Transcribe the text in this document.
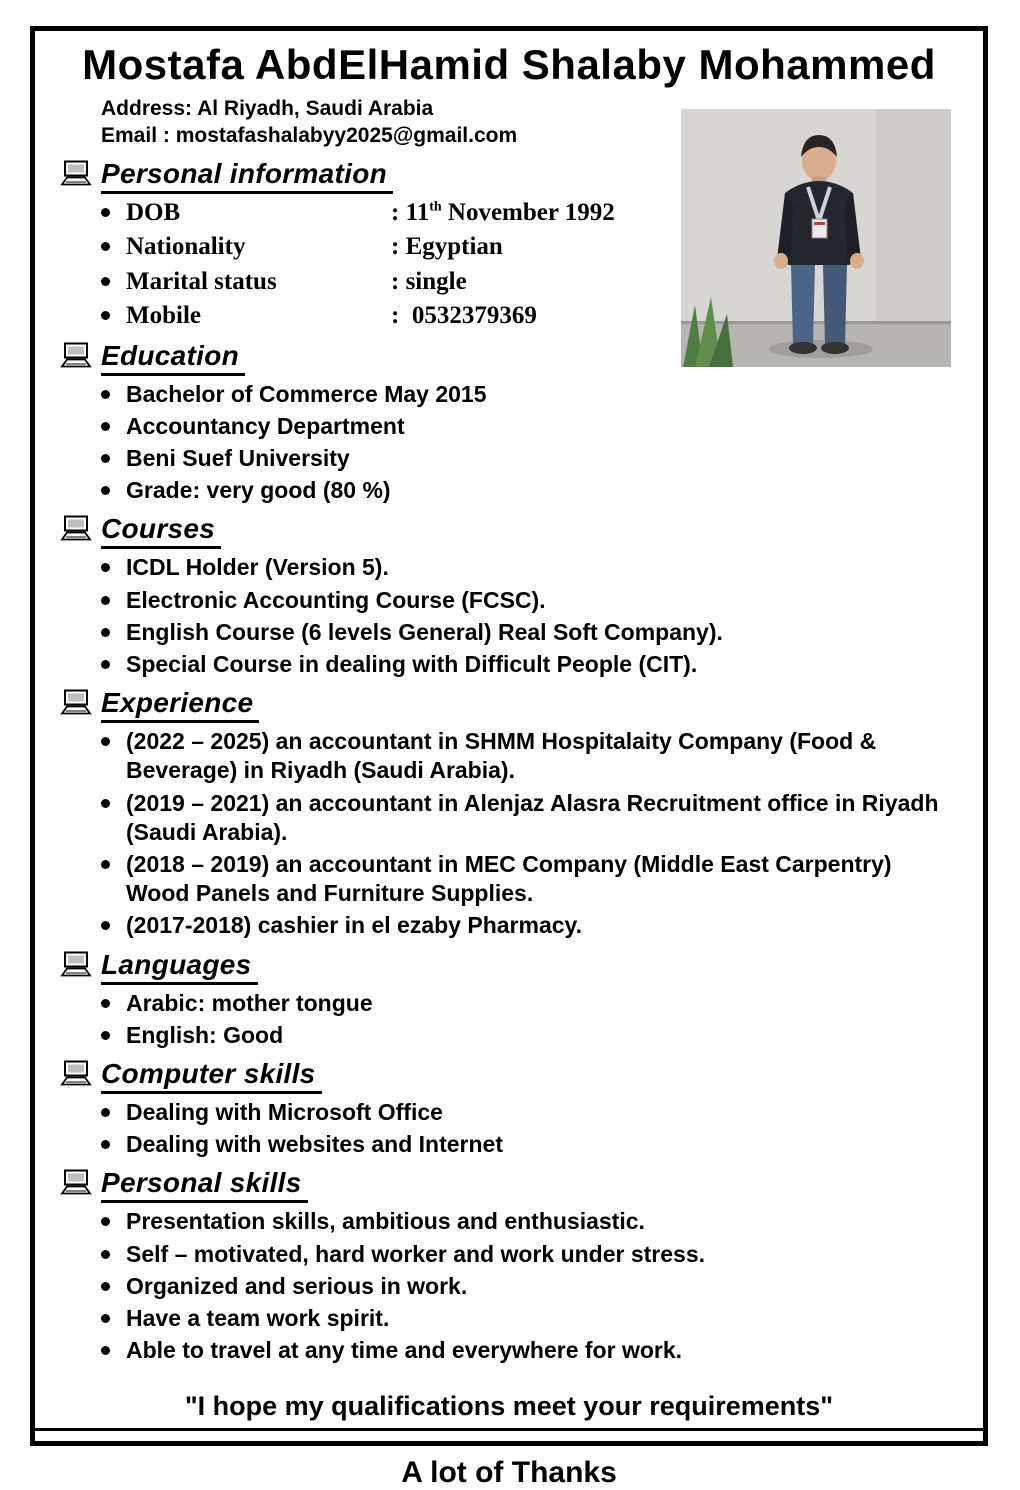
Mostafa AbdElHamid Shalaby Mohammed
Address: Al Riyadh, Saudi Arabia
Email : mostafashalabyy2025@gmail.com
Personal information
DOB	: 11th November 1992
Nationality	: Egyptian
Marital status	: single
Mobile	:  0532379369
Education
Bachelor of Commerce May 2015
Accountancy Department
Beni Suef University
Grade: very good (80 %)
Courses
ICDL Holder (Version 5).
Electronic Accounting Course (FCSC).
English Course (6 levels General) Real Soft Company).
Special Course in dealing with Difficult People (CIT).
Experience
(2022 – 2025) an accountant in SHMM Hospitalaity Company (Food & Beverage) in Riyadh (Saudi Arabia).
(2019 – 2021) an accountant in Alenjaz Alasra Recruitment office in Riyadh (Saudi Arabia).
(2018 – 2019) an accountant in MEC Company (Middle East Carpentry) Wood Panels and Furniture Supplies.
(2017-2018) cashier in el ezaby Pharmacy.
Languages
Arabic: mother tongue
English: Good
Computer skills
Dealing with Microsoft Office
Dealing with websites and Internet
Personal skills
Presentation skills, ambitious and enthusiastic.
Self – motivated, hard worker and work under stress.
Organized and serious in work.
Have a team work spirit.
Able to travel at any time and everywhere for work.
"I hope my qualifications meet your requirements"
A lot of Thanks
